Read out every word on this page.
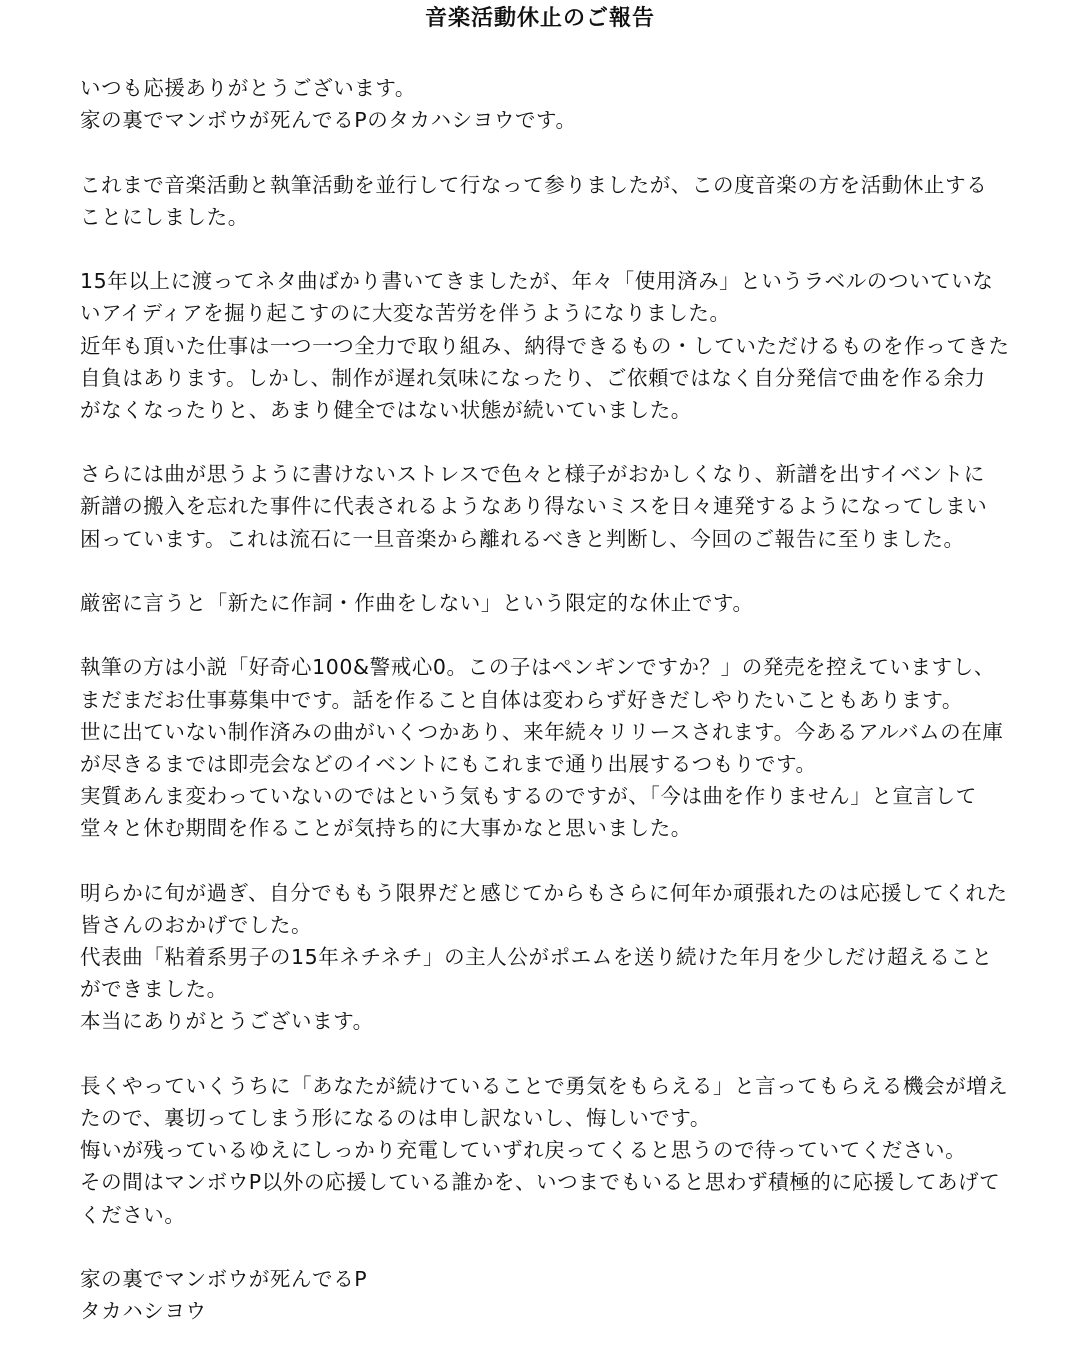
音楽活動休止のご報告
いつも応援ありがとうございます。
家の裏でマンボウが死んでるPのタカハシヨウです。
これまで音楽活動と執筆活動を並行して行なって参りましたが、この度音楽の方を活動休止する
ことにしました。
15年以上に渡ってネタ曲ばかり書いてきましたが、年々「使用済み」というラベルのついていな
いアイディアを掘り起こすのに大変な苦労を伴うようになりました。
近年も頂いた仕事は一つ一つ全力で取り組み、納得できるもの・していただけるものを作ってきた
自負はあります。しかし、制作が遅れ気味になったり、ご依頼ではなく自分発信で曲を作る余力
がなくなったりと、あまり健全ではない状態が続いていました。
さらには曲が思うように書けないストレスで色々と様子がおかしくなり、新譜を出すイベントに
新譜の搬入を忘れた事件に代表されるようなあり得ないミスを日々連発するようになってしまい
困っています。これは流石に一旦音楽から離れるべきと判断し、今回のご報告に至りました。
厳密に言うと「新たに作詞・作曲をしない」という限定的な休止です。
執筆の方は小説「好奇心100&警戒心0。この子はペンギンですか？」の発売を控えていますし、
まだまだお仕事募集中です。話を作ること自体は変わらず好きだしやりたいこともあります。
世に出ていない制作済みの曲がいくつかあり、来年続々リリースされます。今あるアルバムの在庫
が尽きるまでは即売会などのイベントにもこれまで通り出展するつもりです。
実質あんま変わっていないのではという気もするのですが、「今は曲を作りません」と宣言して
堂々と休む期間を作ることが気持ち的に大事かなと思いました。
明らかに旬が過ぎ、自分でももう限界だと感じてからもさらに何年か頑張れたのは応援してくれた
皆さんのおかげでした。
代表曲「粘着系男子の15年ネチネチ」の主人公がポエムを送り続けた年月を少しだけ超えること
ができました。
本当にありがとうございます。
長くやっていくうちに「あなたが続けていることで勇気をもらえる」と言ってもらえる機会が増え
たので、裏切ってしまう形になるのは申し訳ないし、悔しいです。
悔いが残っているゆえにしっかり充電していずれ戻ってくると思うので待っていてください。
その間はマンボウP以外の応援している誰かを、いつまでもいると思わず積極的に応援してあげて
ください。
家の裏でマンボウが死んでるP
タカハシヨウ
